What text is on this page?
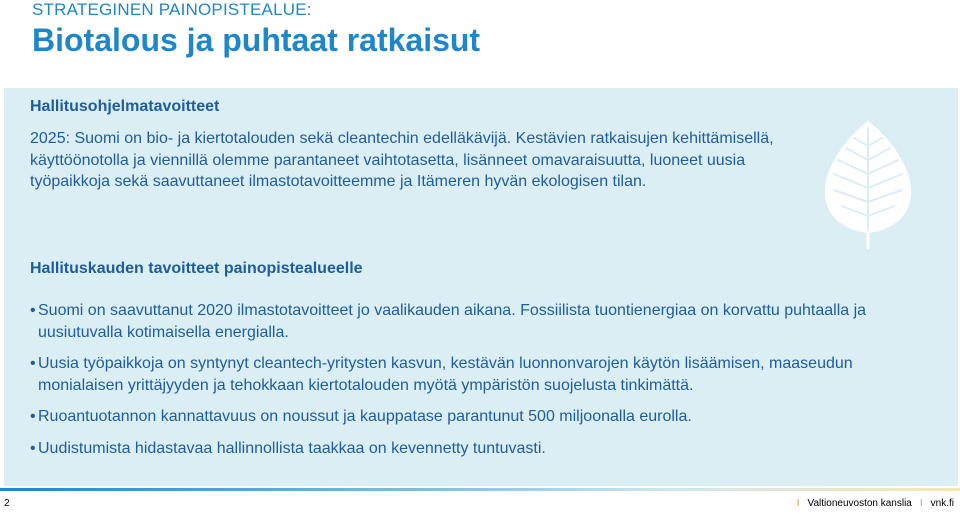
STRATEGINEN PAINOPISTEALUE:
Biotalous ja puhtaat ratkaisut
Hallitusohjelmatavoitteet
2025: Suomi on bio- ja kiertotalouden sekä cleantechin edelläkävijä. Kestävien ratkaisujen kehittämisellä, käyttöönotolla ja viennillä olemme parantaneet vaihtotasetta, lisänneet omavaraisuutta, luoneet uusia työpaikkoja sekä saavuttaneet ilmastotavoitteemme ja Itämeren hyvän ekologisen tilan.
Hallituskauden tavoitteet painopistealueelle
• Suomi on saavuttanut 2020 ilmastotavoitteet jo vaalikauden aikana. Fossiilista tuontienergiaa on korvattu puhtaalla ja uusiutuvalla kotimaisella energialla.
• Uusia työpaikkoja on syntynyt cleantech-yritysten kasvun, kestävän luonnonvarojen käytön lisäämisen, maaseudun monialaisen yrittäjyyden ja tehokkaan kiertotalouden myötä ympäristön suojelusta tinkimättä.
• Ruoantuotannon kannattavuus on noussut ja kauppatase parantunut 500 miljoonalla eurolla.
• Uudistumista hidastavaa hallinnollista taakkaa on kevennetty tuntuvasti.
2	I Valtioneuvoston kanslia I vnk.fi
